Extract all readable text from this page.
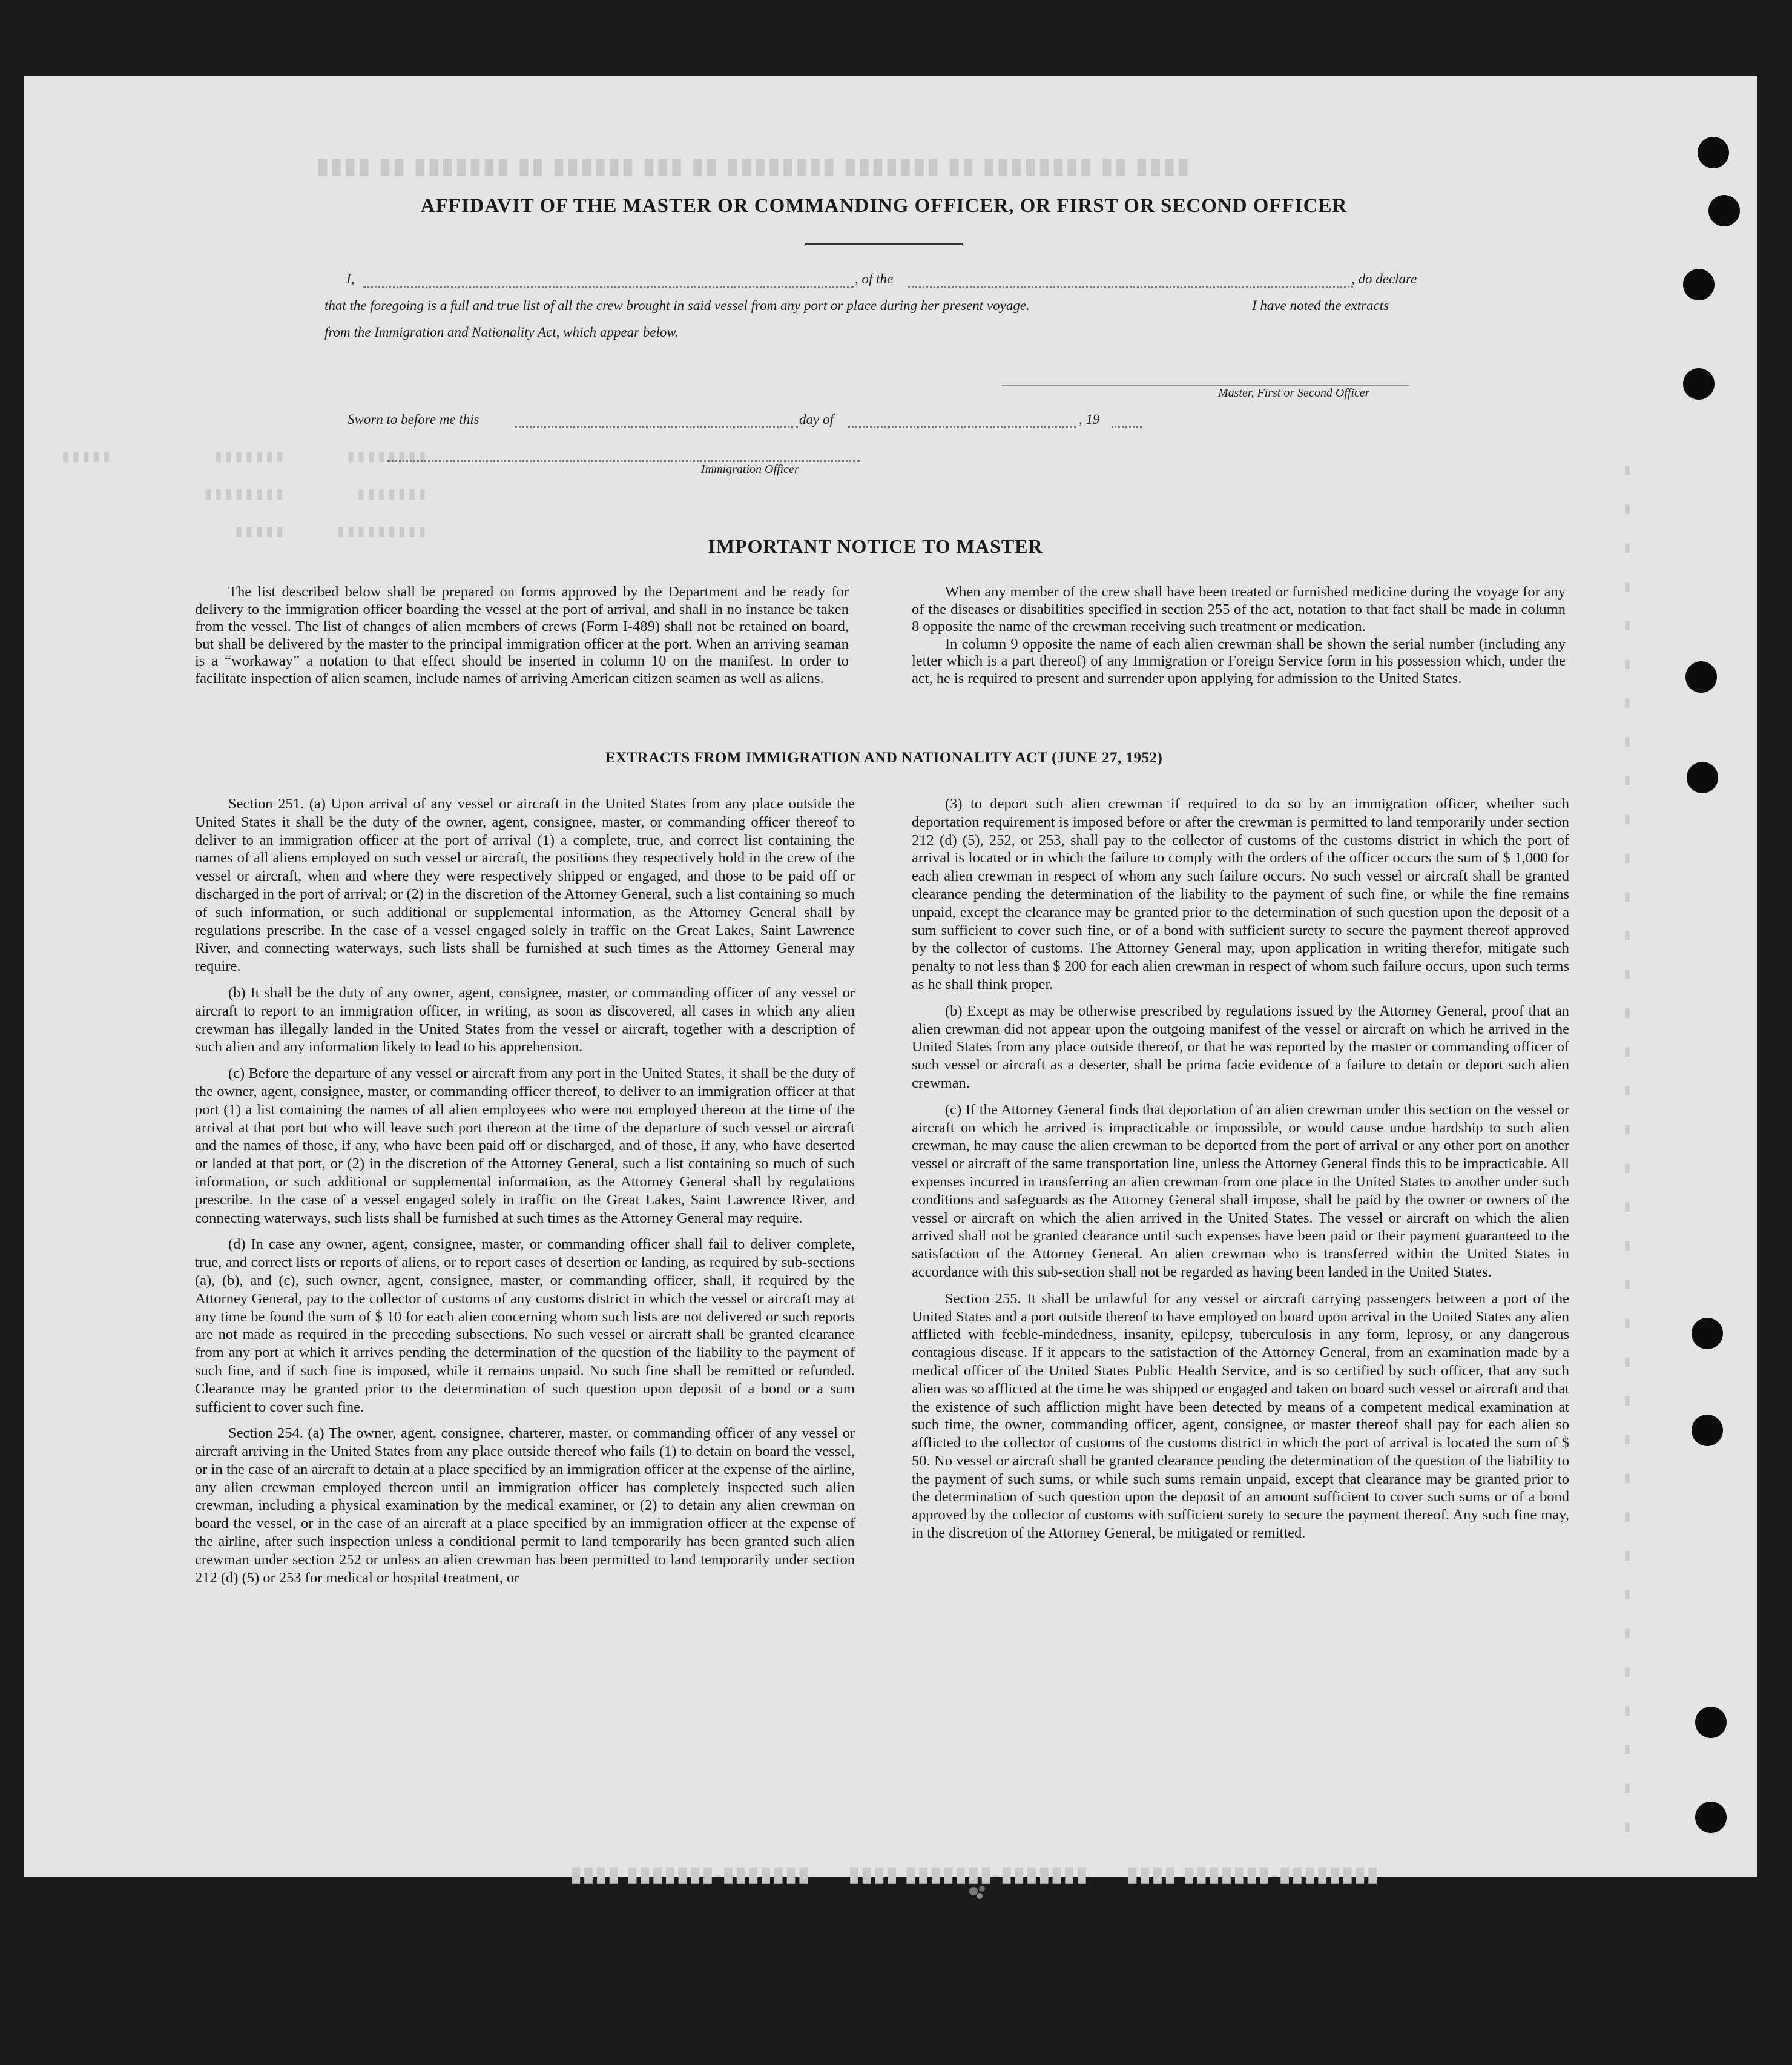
▮▮▮▮ ▮▮ ▮▮▮▮▮▮▮▮ ▮▮ ▮▮▮▮▮▮▮ ▮▮▮▮▮▮▮▮ ▮▮ ▮▮▮ ▮▮▮▮▮▮ ▮▮ ▮▮▮▮▮▮▮ ▮▮ ▮▮▮▮
▮▮▮▮▮▮▮▮      ▮▮▮▮▮▮▮          ▮▮▮▮▮
▮▮▮▮▮▮▮       ▮▮▮▮▮▮▮▮
▮▮▮▮▮▮▮▮▮     ▮▮▮▮▮
▮
▮
▮
▮
▮
▮
▮
▮
▮
▮
▮
▮
▮
▮
▮
▮
▮
▮
▮
▮
▮
▮
▮
▮
▮
▮
▮
▮
▮
▮
▮
▮
▮
▮
▮
▮
▮▮▮▮▮▮▮▮-▮▮▮▮▮▮▮ ▮▮▮▮      ▮▮▮▮▮▮▮-▮▮▮▮▮▮▮ ▮▮▮▮      ▮▮▮▮▮▮▮-▮▮▮▮▮▮▮ ▮▮▮▮
AFFIDAVIT OF THE MASTER OR COMMANDING OFFICER, OR FIRST OR SECOND OFFICER
I,	, of the	, do declare
that the foregoing is a full and true list of all the crew brought in said vessel from any port or place during her present voyage.	I have noted the extracts
from the Immigration and Nationality Act, which appear below.
Master, First or Second Officer
Sworn to before me this	day of	, 19
Immigration Officer
IMPORTANT NOTICE TO MASTER

The list described below shall be prepared on forms approved by the Department and be ready for delivery to the immigration officer boarding the vessel at the port of arrival, and shall in no instance be taken from the vessel. The list of changes of alien members of crews (Form I-489) shall not be retained on board, but shall be delivered by the master to the principal immigration officer at the port. When an arriving seaman is a “workaway” a notation to that effect should be inserted in column 10 on the manifest. In order to facilitate inspection of alien seamen, include names of arriving American citizen seamen as well as aliens.

When any member of the crew shall have been treated or furnished medicine during the voyage for any of the diseases or disabilities specified in section 255 of the act, notation to that fact shall be made in column 8 opposite the name of the crewman receiving such treatment or medication.

In column 9 opposite the name of each alien crewman shall be shown the serial number (including any letter which is a part thereof) of any Immigration or Foreign Service form in his possession which, under the act, he is required to present and surrender upon applying for admission to the United States.

EXTRACTS FROM IMMIGRATION AND NATIONALITY ACT (JUNE 27, 1952)

Section 251. (a) Upon arrival of any vessel or aircraft in the United States from any place outside the United States it shall be the duty of the owner, agent, consignee, master, or commanding officer thereof to deliver to an immigration officer at the port of arrival (1) a complete, true, and correct list containing the names of all aliens employed on such vessel or aircraft, the positions they respectively hold in the crew of the vessel or aircraft, when and where they were respectively shipped or engaged, and those to be paid off or discharged in the port of arrival; or (2) in the discretion of the Attorney General, such a list containing so much of such information, or such additional or supplemental information, as the Attorney General shall by regulations prescribe. In the case of a vessel engaged solely in traffic on the Great Lakes, Saint Lawrence River, and connecting waterways, such lists shall be furnished at such times as the Attorney General may require.

(b) It shall be the duty of any owner, agent, consignee, master, or commanding officer of any vessel or aircraft to report to an immigration officer, in writing, as soon as discovered, all cases in which any alien crewman has illegally landed in the United States from the vessel or aircraft, together with a description of such alien and any information likely to lead to his apprehension.

(c) Before the departure of any vessel or aircraft from any port in the United States, it shall be the duty of the owner, agent, consignee, master, or commanding officer thereof, to deliver to an immigration officer at that port (1) a list containing the names of all alien employees who were not employed thereon at the time of the arrival at that port but who will leave such port thereon at the time of the departure of such vessel or aircraft and the names of those, if any, who have been paid off or discharged, and of those, if any, who have deserted or landed at that port, or (2) in the discretion of the Attorney General, such a list containing so much of such information, or such additional or supplemental information, as the Attorney General shall by regulations prescribe. In the case of a vessel engaged solely in traffic on the Great Lakes, Saint Lawrence River, and connecting waterways, such lists shall be furnished at such times as the Attorney General may require.

(d) In case any owner, agent, consignee, master, or commanding officer shall fail to deliver complete, true, and correct lists or reports of aliens, or to report cases of desertion or landing, as required by sub-sections (a), (b), and (c), such owner, agent, consignee, master, or commanding officer, shall, if required by the Attorney General, pay to the collector of customs of any customs district in which the vessel or aircraft may at any time be found the sum of $ 10 for each alien concerning whom such lists are not delivered or such reports are not made as required in the preceding subsections. No such vessel or aircraft shall be granted clearance from any port at which it arrives pending the determination of the question of the liability to the payment of such fine, and if such fine is imposed, while it remains unpaid. No such fine shall be remitted or refunded. Clearance may be granted prior to the determination of such question upon deposit of a bond or a sum sufficient to cover such fine.

Section 254. (a) The owner, agent, consignee, charterer, master, or commanding officer of any vessel or aircraft arriving in the United States from any place outside thereof who fails (1) to detain on board the vessel, or in the case of an aircraft to detain at a place specified by an immigration officer at the expense of the airline, any alien crewman employed thereon until an immigration officer has completely inspected such alien crewman, including a physical examination by the medical examiner, or (2) to detain any alien crewman on board the vessel, or in the case of an aircraft at a place specified by an immigration officer at the expense of the airline, after such inspection unless a conditional permit to land temporarily has been granted such alien crewman under section 252 or unless an alien crewman has been permitted to land temporarily under section 212 (d) (5) or 253 for medical or hospital treatment, or

(3) to deport such alien crewman if required to do so by an immigration officer, whether such deportation requirement is imposed before or after the crewman is permitted to land temporarily under section 212 (d) (5), 252, or 253, shall pay to the collector of customs of the customs district in which the port of arrival is located or in which the failure to comply with the orders of the officer occurs the sum of $ 1,000 for each alien crewman in respect of whom any such failure occurs. No such vessel or aircraft shall be granted clearance pending the determination of the liability to the payment of such fine, or while the fine remains unpaid, except the clearance may be granted prior to the determination of such question upon the deposit of a sum sufficient to cover such fine, or of a bond with sufficient surety to secure the payment thereof approved by the collector of customs. The Attorney General may, upon application in writing therefor, mitigate such penalty to not less than $ 200 for each alien crewman in respect of whom such failure occurs, upon such terms as he shall think proper.

(b) Except as may be otherwise prescribed by regulations issued by the Attorney General, proof that an alien crewman did not appear upon the outgoing manifest of the vessel or aircraft on which he arrived in the United States from any place outside thereof, or that he was reported by the master or commanding officer of such vessel or aircraft as a deserter, shall be prima facie evidence of a failure to detain or deport such alien crewman.

(c) If the Attorney General finds that deportation of an alien crewman under this section on the vessel or aircraft on which he arrived is impracticable or impossible, or would cause undue hardship to such alien crewman, he may cause the alien crewman to be deported from the port of arrival or any other port on another vessel or aircraft of the same transportation line, unless the Attorney General finds this to be impracticable. All expenses incurred in transferring an alien crewman from one place in the United States to another under such conditions and safeguards as the Attorney General shall impose, shall be paid by the owner or owners of the vessel or aircraft on which the alien arrived in the United States. The vessel or aircraft on which the alien arrived shall not be granted clearance until such expenses have been paid or their payment guaranteed to the satisfaction of the Attorney General. An alien crewman who is transferred within the United States in accordance with this sub-section shall not be regarded as having been landed in the United States.

Section 255. It shall be unlawful for any vessel or aircraft carrying passengers between a port of the United States and a port outside thereof to have employed on board upon arrival in the United States any alien afflicted with feeble-mindedness, insanity, epilepsy, tuberculosis in any form, leprosy, or any dangerous contagious disease. If it appears to the satisfaction of the Attorney General, from an examination made by a medical officer of the United States Public Health Service, and is so certified by such officer, that any such alien was so afflicted at the time he was shipped or engaged and taken on board such vessel or aircraft and that the existence of such affliction might have been detected by means of a competent medical examination at such time, the owner, commanding officer, agent, consignee, or master thereof shall pay for each alien so afflicted to the collector of customs of the customs district in which the port of arrival is located the sum of $ 50. No vessel or aircraft shall be granted clearance pending the determination of the question of the liability to the payment of such sums, or while such sums remain unpaid, except that clearance may be granted prior to the determination of such question upon the deposit of an amount sufficient to cover such sums or of a bond approved by the collector of customs with sufficient surety to secure the payment thereof. Any such fine may, in the discretion of the Attorney General, be mitigated or remitted.
